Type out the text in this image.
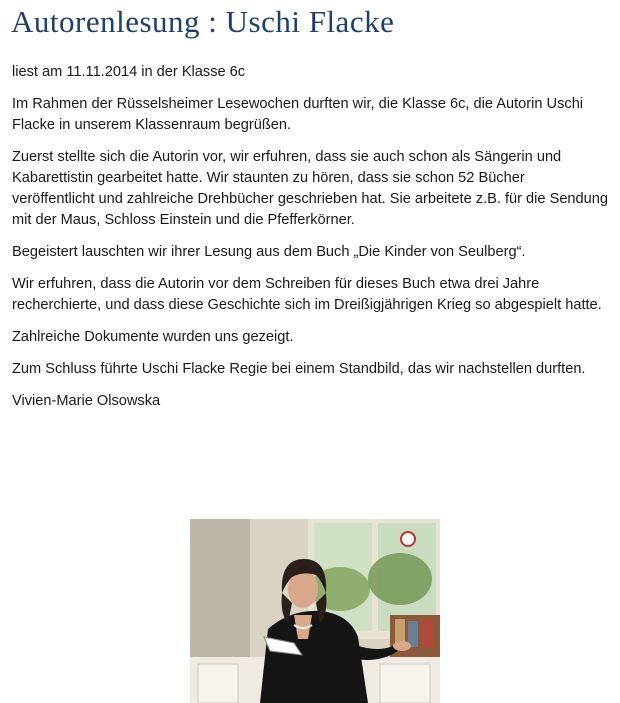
Autorenlesung : Uschi Flacke

liest am 11.11.2014 in der Klasse 6c

Im Rahmen der Rüsselsheimer Lesewochen durften wir, die Klasse 6c, die Autorin Uschi Flacke in unserem Klassenraum begrüßen.

Zuerst stellte sich die Autorin vor, wir erfuhren, dass sie auch schon als Sängerin und Kabarettistin gearbeitet hatte. Wir staunten zu hören, dass sie schon 52 Bücher veröffentlicht und zahlreiche Drehbücher geschrieben hat. Sie arbeitete z.B. für die Sendung mit der Maus, Schloss Einstein und die Pfefferkörner.

Begeistert lauschten wir ihrer Lesung aus dem Buch „Die Kinder von Seulberg“.

Wir erfuhren, dass die Autorin vor dem Schreiben für dieses Buch etwa drei Jahre recherchierte, und dass diese Geschichte sich im Dreißigjährigen Krieg so abgespielt hatte.

Zahlreiche Dokumente wurden uns gezeigt.

Zum Schluss führte Uschi Flacke Regie bei einem Standbild, das wir nachstellen durften.

Vivien-Marie Olsowska
